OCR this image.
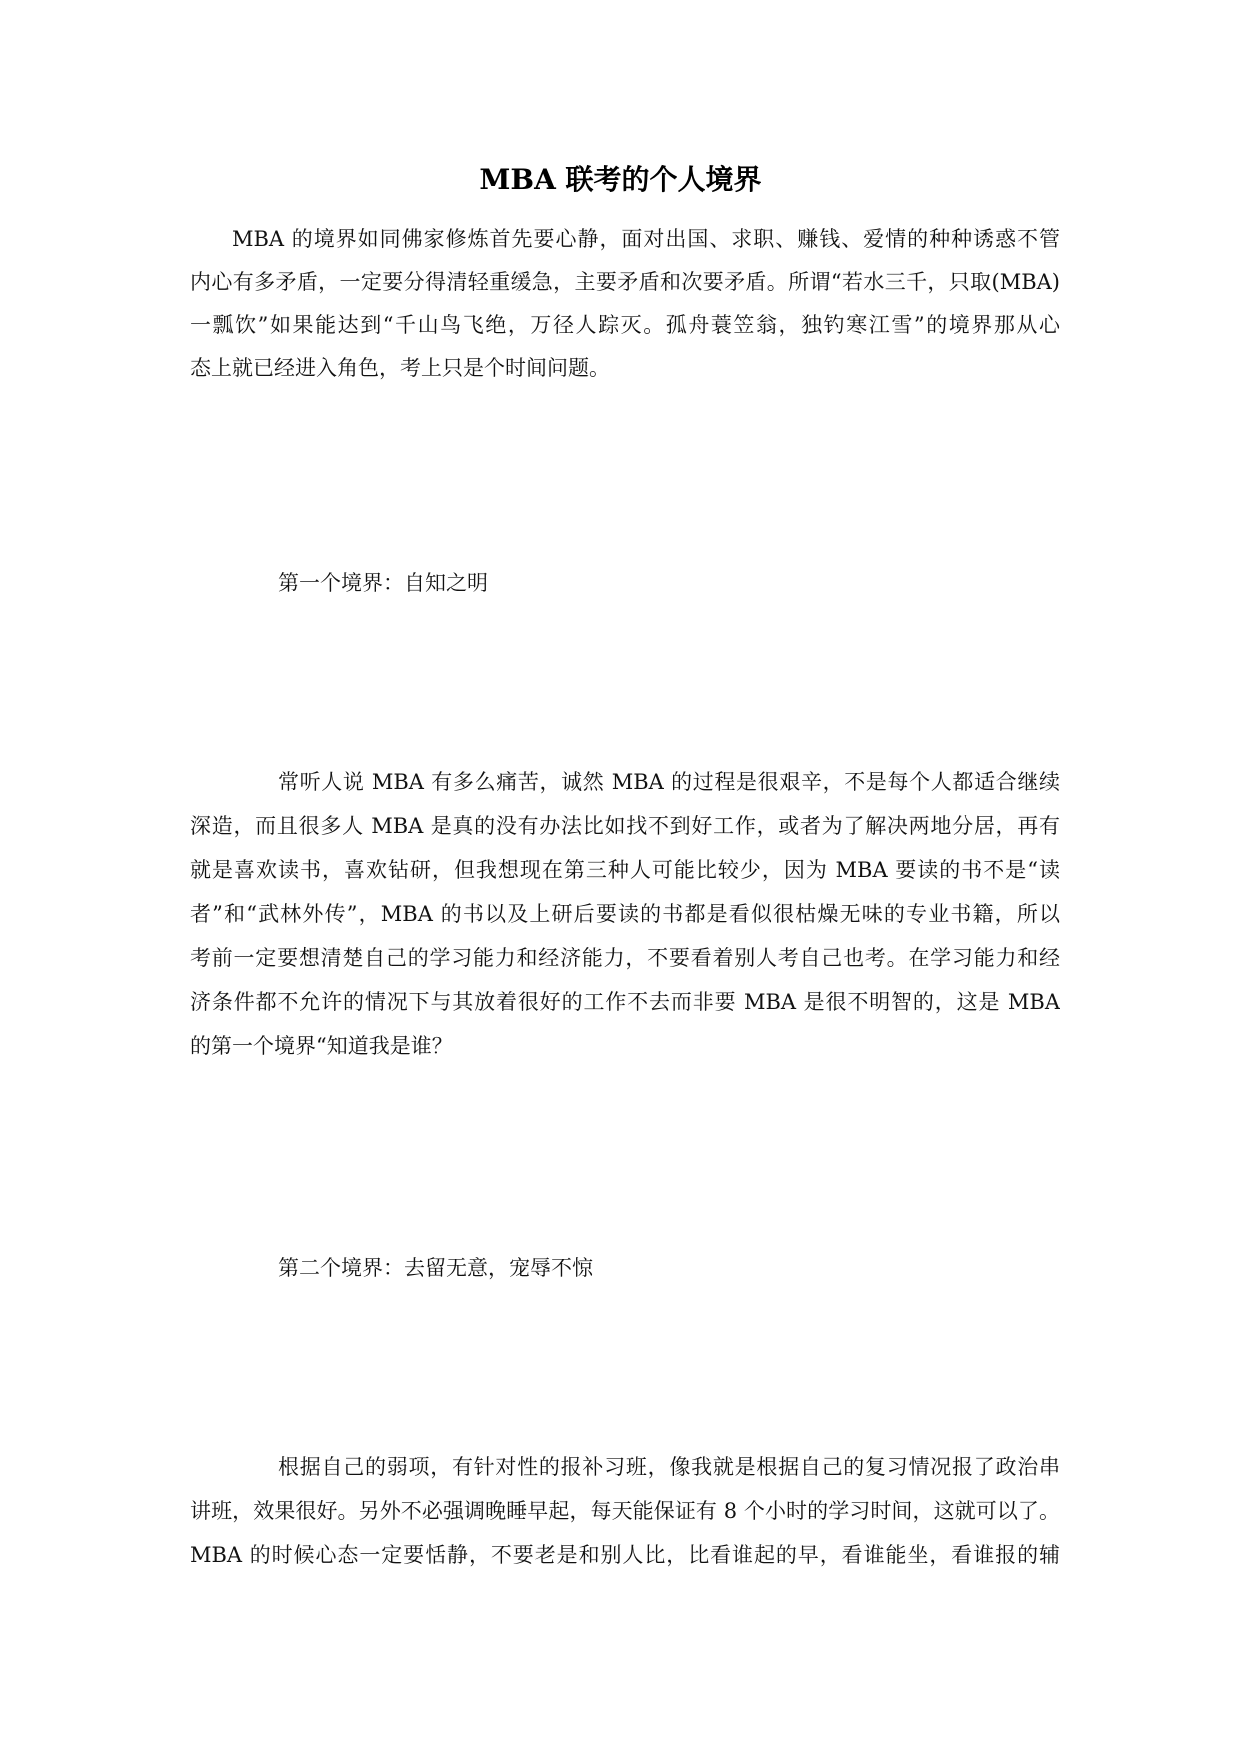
MBA 联考的个人境界
MBA 的境界如同佛家修炼首先要心静，面对出国、求职、赚钱、爱情的种种诱惑不管
内心有多矛盾，一定要分得清轻重缓急，主要矛盾和次要矛盾。所谓“若水三千，只取(MBA)
一瓢饮”如果能达到“千山鸟飞绝，万径人踪灭。孤舟蓑笠翁，独钓寒江雪”的境界那从心
态上就已经进入角色，考上只是个时间问题。
第一个境界：自知之明
常听人说 MBA 有多么痛苦，诚然 MBA 的过程是很艰辛，不是每个人都适合继续
深造，而且很多人 MBA 是真的没有办法比如找不到好工作，或者为了解决两地分居，再有
就是喜欢读书，喜欢钻研，但我想现在第三种人可能比较少，因为 MBA 要读的书不是“读
者”和“武林外传”，MBA 的书以及上研后要读的书都是看似很枯燥无味的专业书籍，所以
考前一定要想清楚自己的学习能力和经济能力，不要看着别人考自己也考。在学习能力和经
济条件都不允许的情况下与其放着很好的工作不去而非要 MBA 是很不明智的，这是 MBA
的第一个境界“知道我是谁？
第二个境界：去留无意，宠辱不惊
根据自己的弱项，有针对性的报补习班，像我就是根据自己的复习情况报了政治串
讲班，效果很好。另外不必强调晚睡早起，每天能保证有 8 个小时的学习时间，这就可以了。
MBA 的时候心态一定要恬静，不要老是和别人比，比看谁起的早，看谁能坐，看谁报的辅
